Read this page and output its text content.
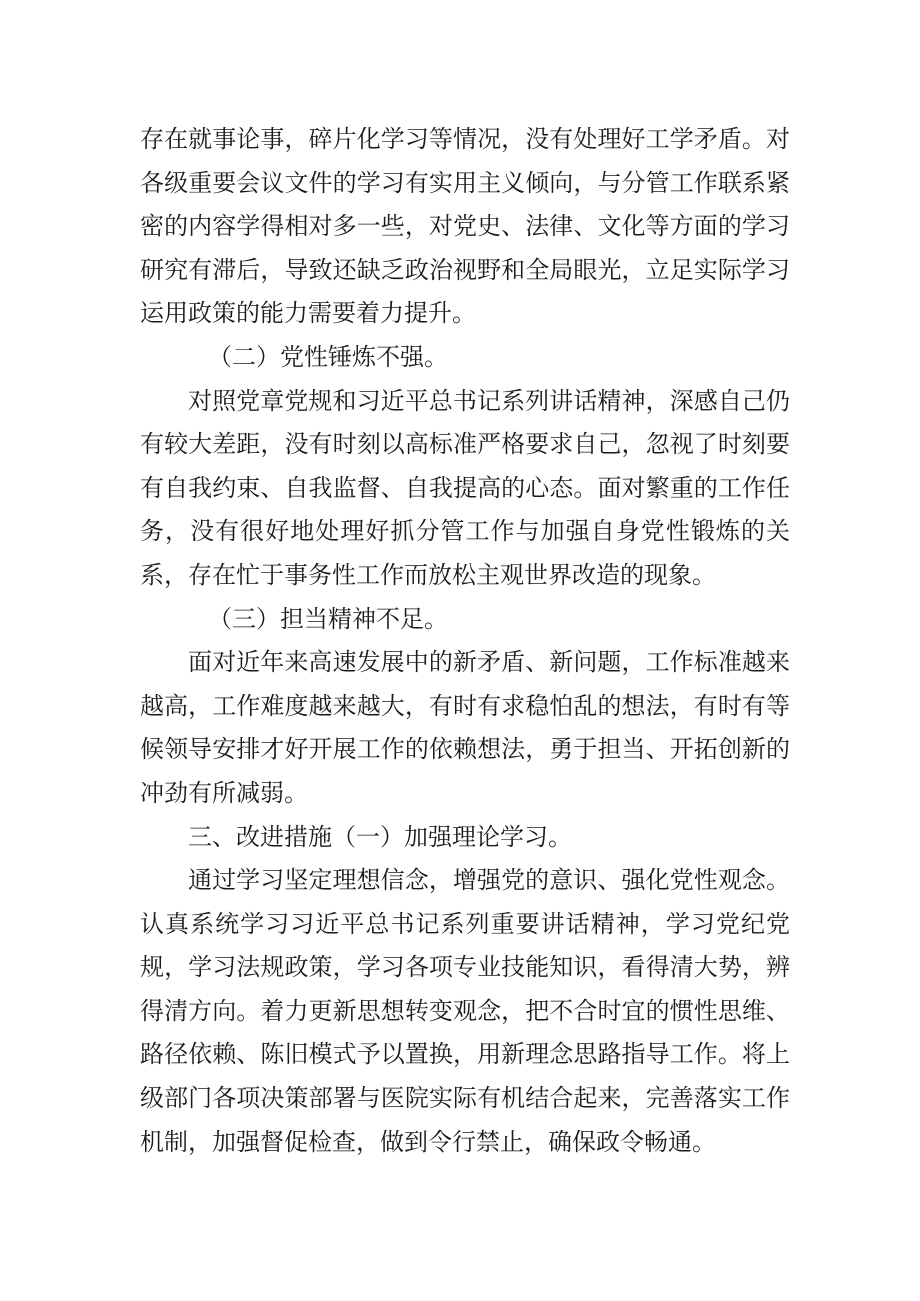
存在就事论事，碎片化学习等情况，没有处理好工学矛盾。对各级重要会议文件的学习有实用主义倾向，与分管工作联系紧密的内容学得相对多一些，对党史、法律、文化等方面的学习研究有滞后，导致还缺乏政治视野和全局眼光，立足实际学习运用政策的能力需要着力提升。

（二）党性锤炼不强。

对照党章党规和习近平总书记系列讲话精神，深感自己仍有较大差距，没有时刻以高标准严格要求自己，忽视了时刻要有自我约束、自我监督、自我提高的心态。面对繁重的工作任务，没有很好地处理好抓分管工作与加强自身党性锻炼的关系，存在忙于事务性工作而放松主观世界改造的现象。

（三）担当精神不足。

面对近年来高速发展中的新矛盾、新问题，工作标准越来越高，工作难度越来越大，有时有求稳怕乱的想法，有时有等候领导安排才好开展工作的依赖想法，勇于担当、开拓创新的冲劲有所减弱。

三、改进措施（一）加强理论学习。

通过学习坚定理想信念，增强党的意识、强化党性观念。认真系统学习习近平总书记系列重要讲话精神，学习党纪党规，学习法规政策，学习各项专业技能知识，看得清大势，辨得清方向。着力更新思想转变观念，把不合时宜的惯性思维、路径依赖、陈旧模式予以置换，用新理念思路指导工作。将上级部门各项决策部署与医院实际有机结合起来，完善落实工作机制，加强督促检查，做到令行禁止，确保政令畅通。
